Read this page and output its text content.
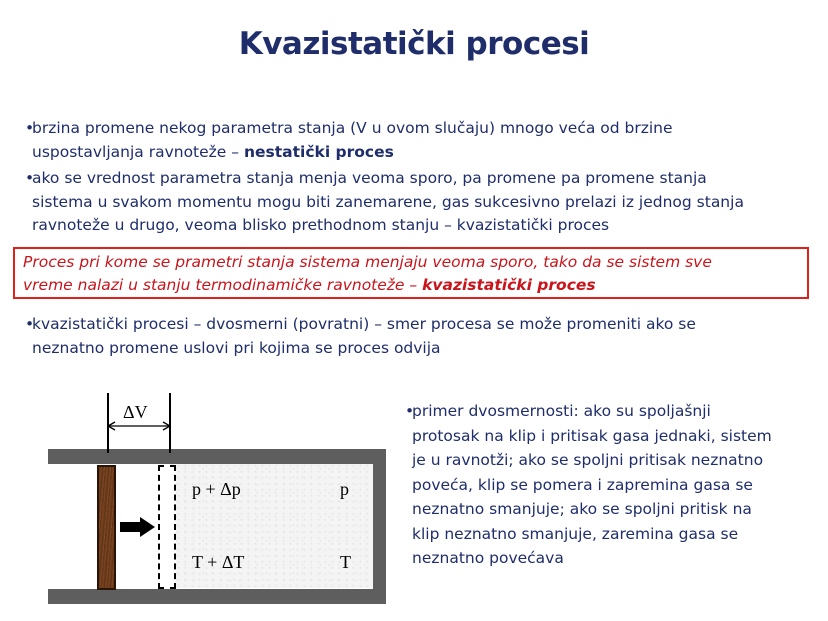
Kvazistatički procesi
•
brzina promene nekog parametra stanja (V u ovom slučaju) mnogo veća od brzine
uspostavljanja ravnoteže – nestatički proces
•
ako se vrednost parametra stanja menja veoma sporo, pa promene pa promene stanja
sistema u svakom momentu mogu biti zanemarene, gas sukcesivno prelazi iz jednog stanja
ravnoteže u drugo, veoma blisko prethodnom stanju – kvazistatički proces
Proces pri kome se prametri stanja sistema menjaju veoma sporo, tako da se sistem sve
vreme nalazi u stanju termodinamičke ravnoteže – kvazistatički proces
•
kvazistatički procesi – dvosmerni (povratni) – smer procesa se može promeniti ako se
neznatno promene uslovi pri kojima se proces odvija
ΔV
p + Δp	p
T + ΔT	T
•
primer dvosmernosti: ako su spoljašnji
protosak na klip i pritisak gasa jednaki, sistem
je u ravnotži; ako se spoljni pritisak neznatno
poveća, klip se pomera i zapremina gasa se
neznatno smanjuje; ako se spoljni pritisk na
klip neznatno smanjuje, zaremina gasa se
neznatno povećava
